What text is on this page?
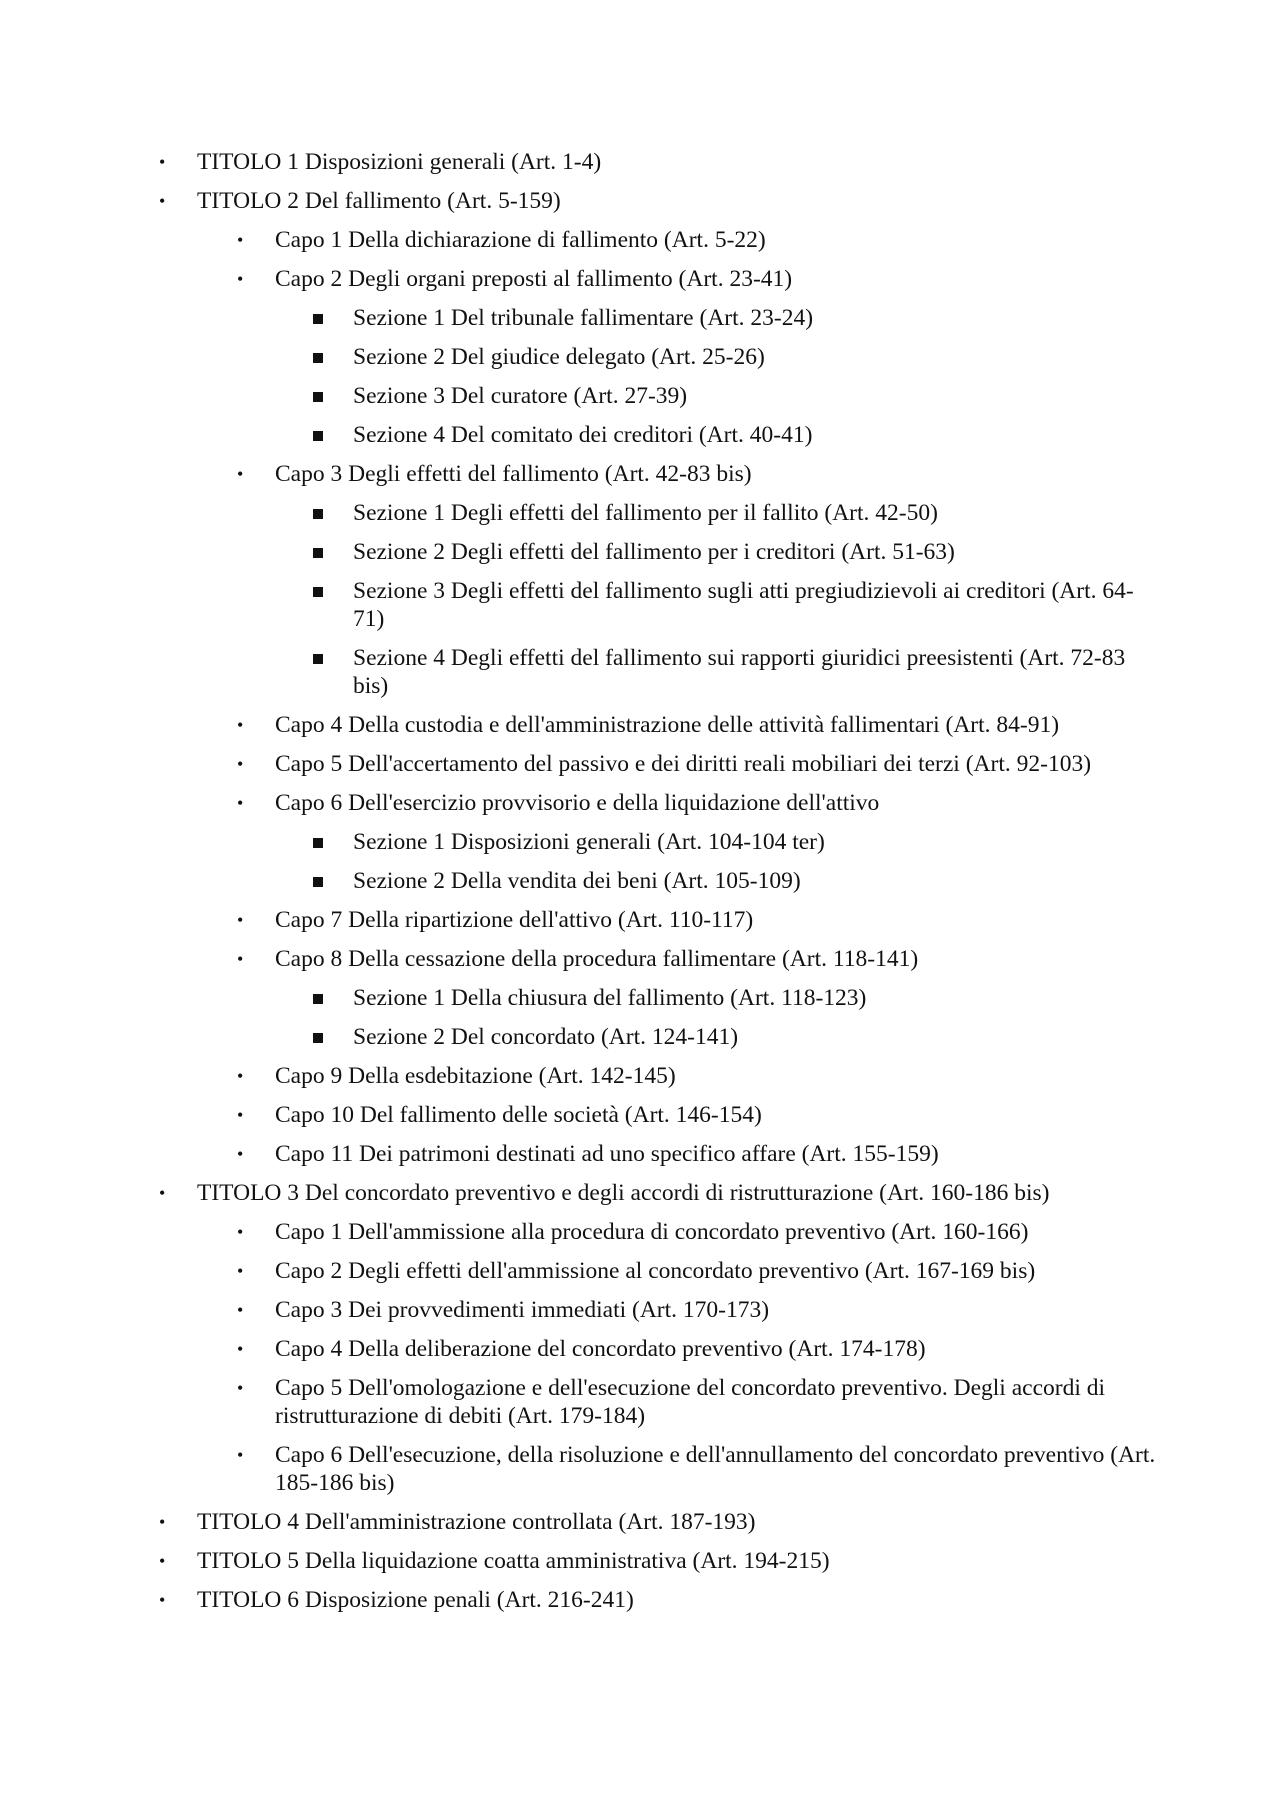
• TITOLO 1 Disposizioni generali (Art. 1-4)
• TITOLO 2 Del fallimento (Art. 5-159)
• Capo 1 Della dichiarazione di fallimento (Art. 5-22)
• Capo 2 Degli organi preposti al fallimento (Art. 23-41)
Sezione 1 Del tribunale fallimentare (Art. 23-24)
Sezione 2 Del giudice delegato (Art. 25-26)
Sezione 3 Del curatore (Art. 27-39)
Sezione 4 Del comitato dei creditori (Art. 40-41)
• Capo 3 Degli effetti del fallimento (Art. 42-83 bis)
Sezione 1 Degli effetti del fallimento per il fallito (Art. 42-50)
Sezione 2 Degli effetti del fallimento per i creditori (Art. 51-63)
Sezione 3 Degli effetti del fallimento sugli atti pregiudizievoli ai creditori (Art. 64-71)
Sezione 4 Degli effetti del fallimento sui rapporti giuridici preesistenti (Art. 72-83 bis)
• Capo 4 Della custodia e dell'amministrazione delle attività fallimentari (Art. 84-91)
• Capo 5 Dell'accertamento del passivo e dei diritti reali mobiliari dei terzi (Art. 92-103)
• Capo 6 Dell'esercizio provvisorio e della liquidazione dell'attivo
Sezione 1 Disposizioni generali (Art. 104-104 ter)
Sezione 2 Della vendita dei beni (Art. 105-109)
• Capo 7 Della ripartizione dell'attivo (Art. 110-117)
• Capo 8 Della cessazione della procedura fallimentare (Art. 118-141)
Sezione 1 Della chiusura del fallimento (Art. 118-123)
Sezione 2 Del concordato (Art. 124-141)
• Capo 9 Della esdebitazione (Art. 142-145)
• Capo 10 Del fallimento delle società (Art. 146-154)
• Capo 11 Dei patrimoni destinati ad uno specifico affare (Art. 155-159)
• TITOLO 3 Del concordato preventivo e degli accordi di ristrutturazione (Art. 160-186 bis)
• Capo 1 Dell'ammissione alla procedura di concordato preventivo (Art. 160-166)
• Capo 2 Degli effetti dell'ammissione al concordato preventivo (Art. 167-169 bis)
• Capo 3 Dei provvedimenti immediati (Art. 170-173)
• Capo 4 Della deliberazione del concordato preventivo (Art. 174-178)
• Capo 5 Dell'omologazione e dell'esecuzione del concordato preventivo. Degli accordi di ristrutturazione di debiti (Art. 179-184)
• Capo 6 Dell'esecuzione, della risoluzione e dell'annullamento del concordato preventivo (Art. 185-186 bis)
• TITOLO 4 Dell'amministrazione controllata (Art. 187-193)
• TITOLO 5 Della liquidazione coatta amministrativa (Art. 194-215)
• TITOLO 6 Disposizione penali (Art. 216-241)
